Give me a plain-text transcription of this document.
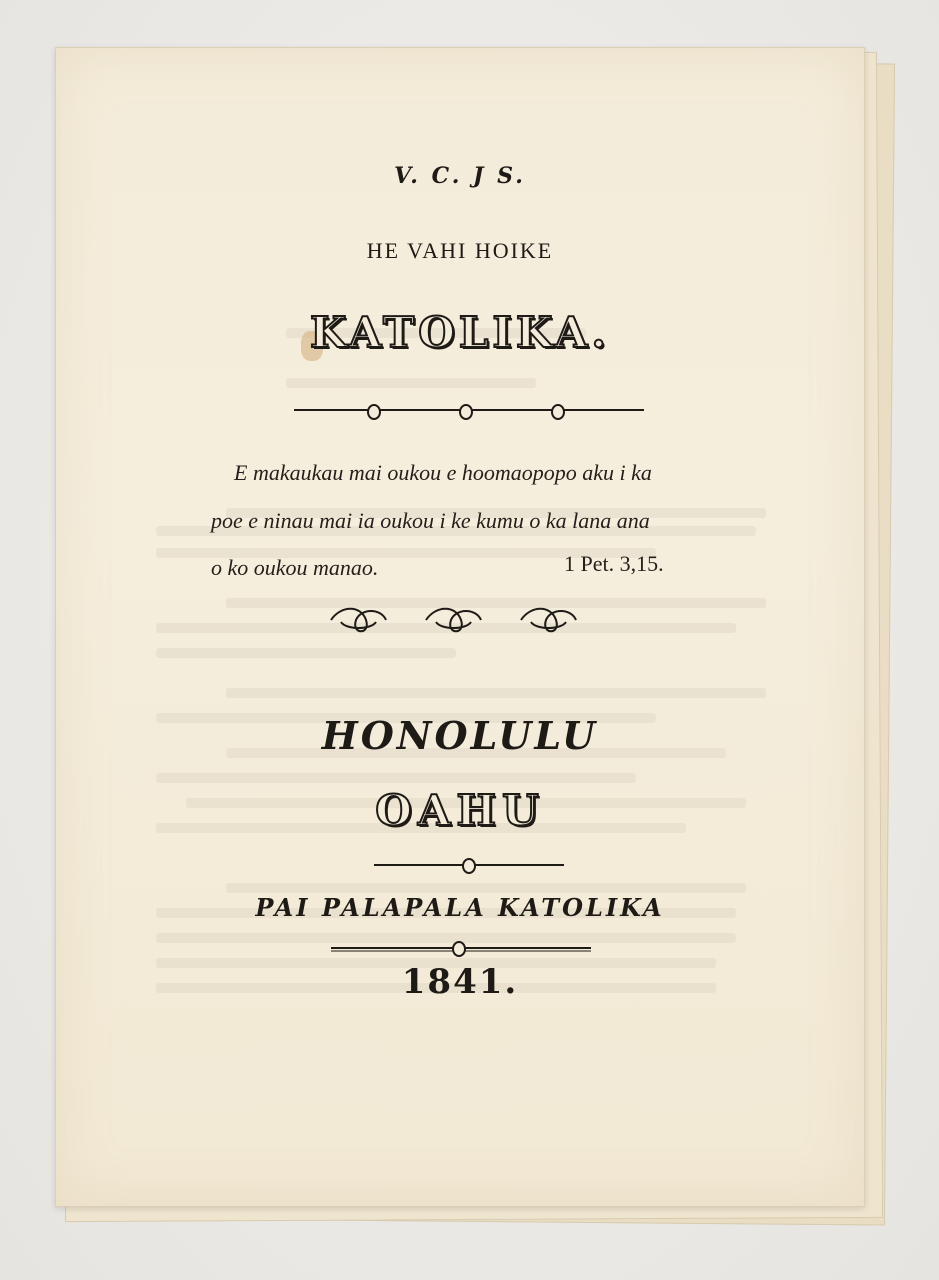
V. C. J S.
HE VAHI HOIKE
KATOLIKA.
E makaukau mai oukou e hoomaopopo aku i ka
poe e ninau mai ia oukou i ke kumu o ka lana ana
o ko oukou manao.	1 Pet. 3,15.
HONOLULU
OAHU
PAI PALAPALA KATOLIKA
1841.
